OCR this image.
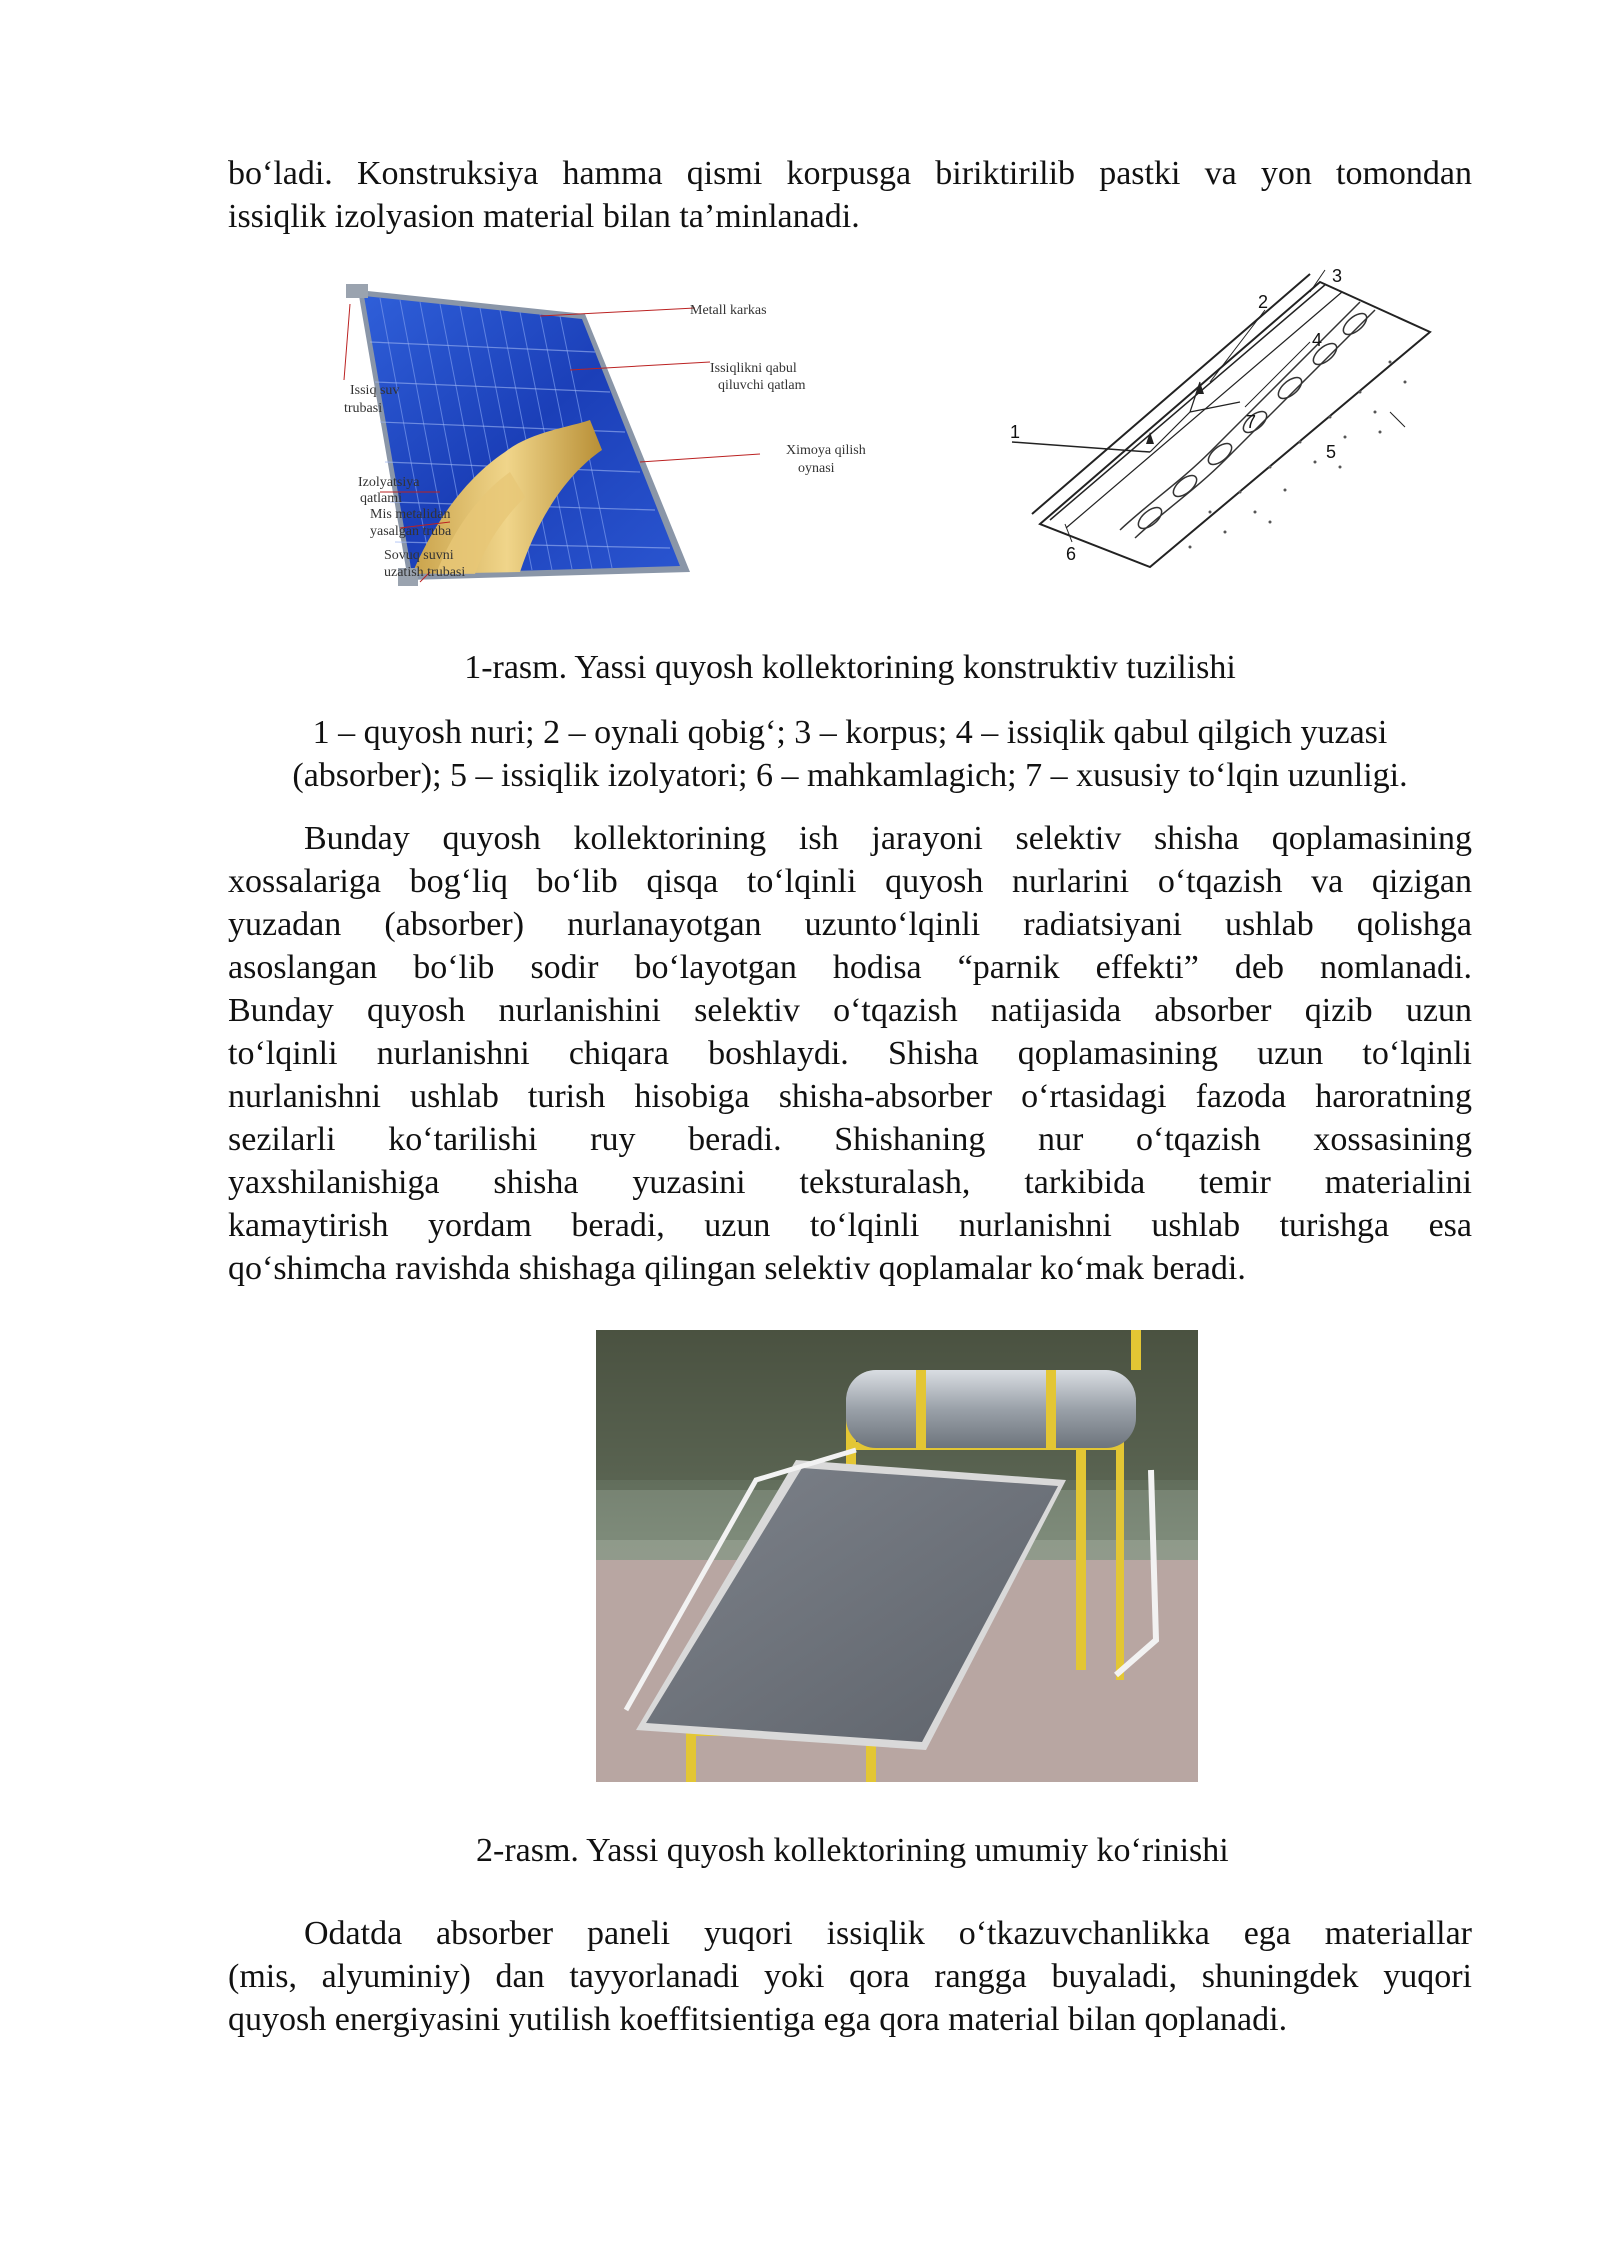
bo‘ladi. Konstruksiya hamma qismi korpusga biriktirilib pastki va yon tomondan
issiqlik izolyasion material bilan ta’minlanadi.
Metall karkas
Issiqlikni qabul
qiluvchi qatlam
Issiq suv
trubasi
Ximoya qilish
oynasi
Izolyatsiya
qatlami
Mis metalidan
yasalgan truba
Sovuq suvni
uzatish trubasi
1
2
3
4
5
6
7
1-rasm. Yassi quyosh kollektorining konstruktiv tuzilishi
1 – quyosh nuri; 2 – oynali qobig‘; 3 – korpus; 4 – issiqlik qabul qilgich yuzasi
(absorber); 5 – issiqlik izolyatori; 6 – mahkamlagich; 7 – xususiy to‘lqin uzunligi.
Bunday quyosh kollektorining ish jarayoni selektiv shisha qoplamasining
xossalariga bog‘liq bo‘lib qisqa to‘lqinli quyosh nurlarini o‘tqazish va qizigan
yuzadan (absorber) nurlanayotgan uzunto‘lqinli radiatsiyani ushlab qolishga
asoslangan bo‘lib sodir bo‘layotgan hodisa “parnik effekti” deb nomlanadi.
Bunday quyosh nurlanishini selektiv o‘tqazish natijasida absorber qizib uzun
to‘lqinli nurlanishni chiqara boshlaydi. Shisha qoplamasining uzun to‘lqinli
nurlanishni ushlab turish hisobiga shisha-absorber o‘rtasidagi fazoda haroratning
sezilarli ko‘tarilishi ruy beradi. Shishaning nur o‘tqazish xossasining
yaxshilanishiga shisha yuzasini teksturalash, tarkibida temir materialini
kamaytirish yordam beradi, uzun to‘lqinli nurlanishni ushlab turishga esa
qo‘shimcha ravishda shishaga qilingan selektiv qoplamalar ko‘mak beradi.
2-rasm. Yassi quyosh kollektorining umumiy ko‘rinishi
Odatda absorber paneli yuqori issiqlik o‘tkazuvchanlikka ega materiallar
(mis, alyuminiy) dan tayyorlanadi yoki qora rangga buyaladi, shuningdek yuqori
quyosh energiyasini yutilish koeffitsientiga ega qora material bilan qoplanadi.
